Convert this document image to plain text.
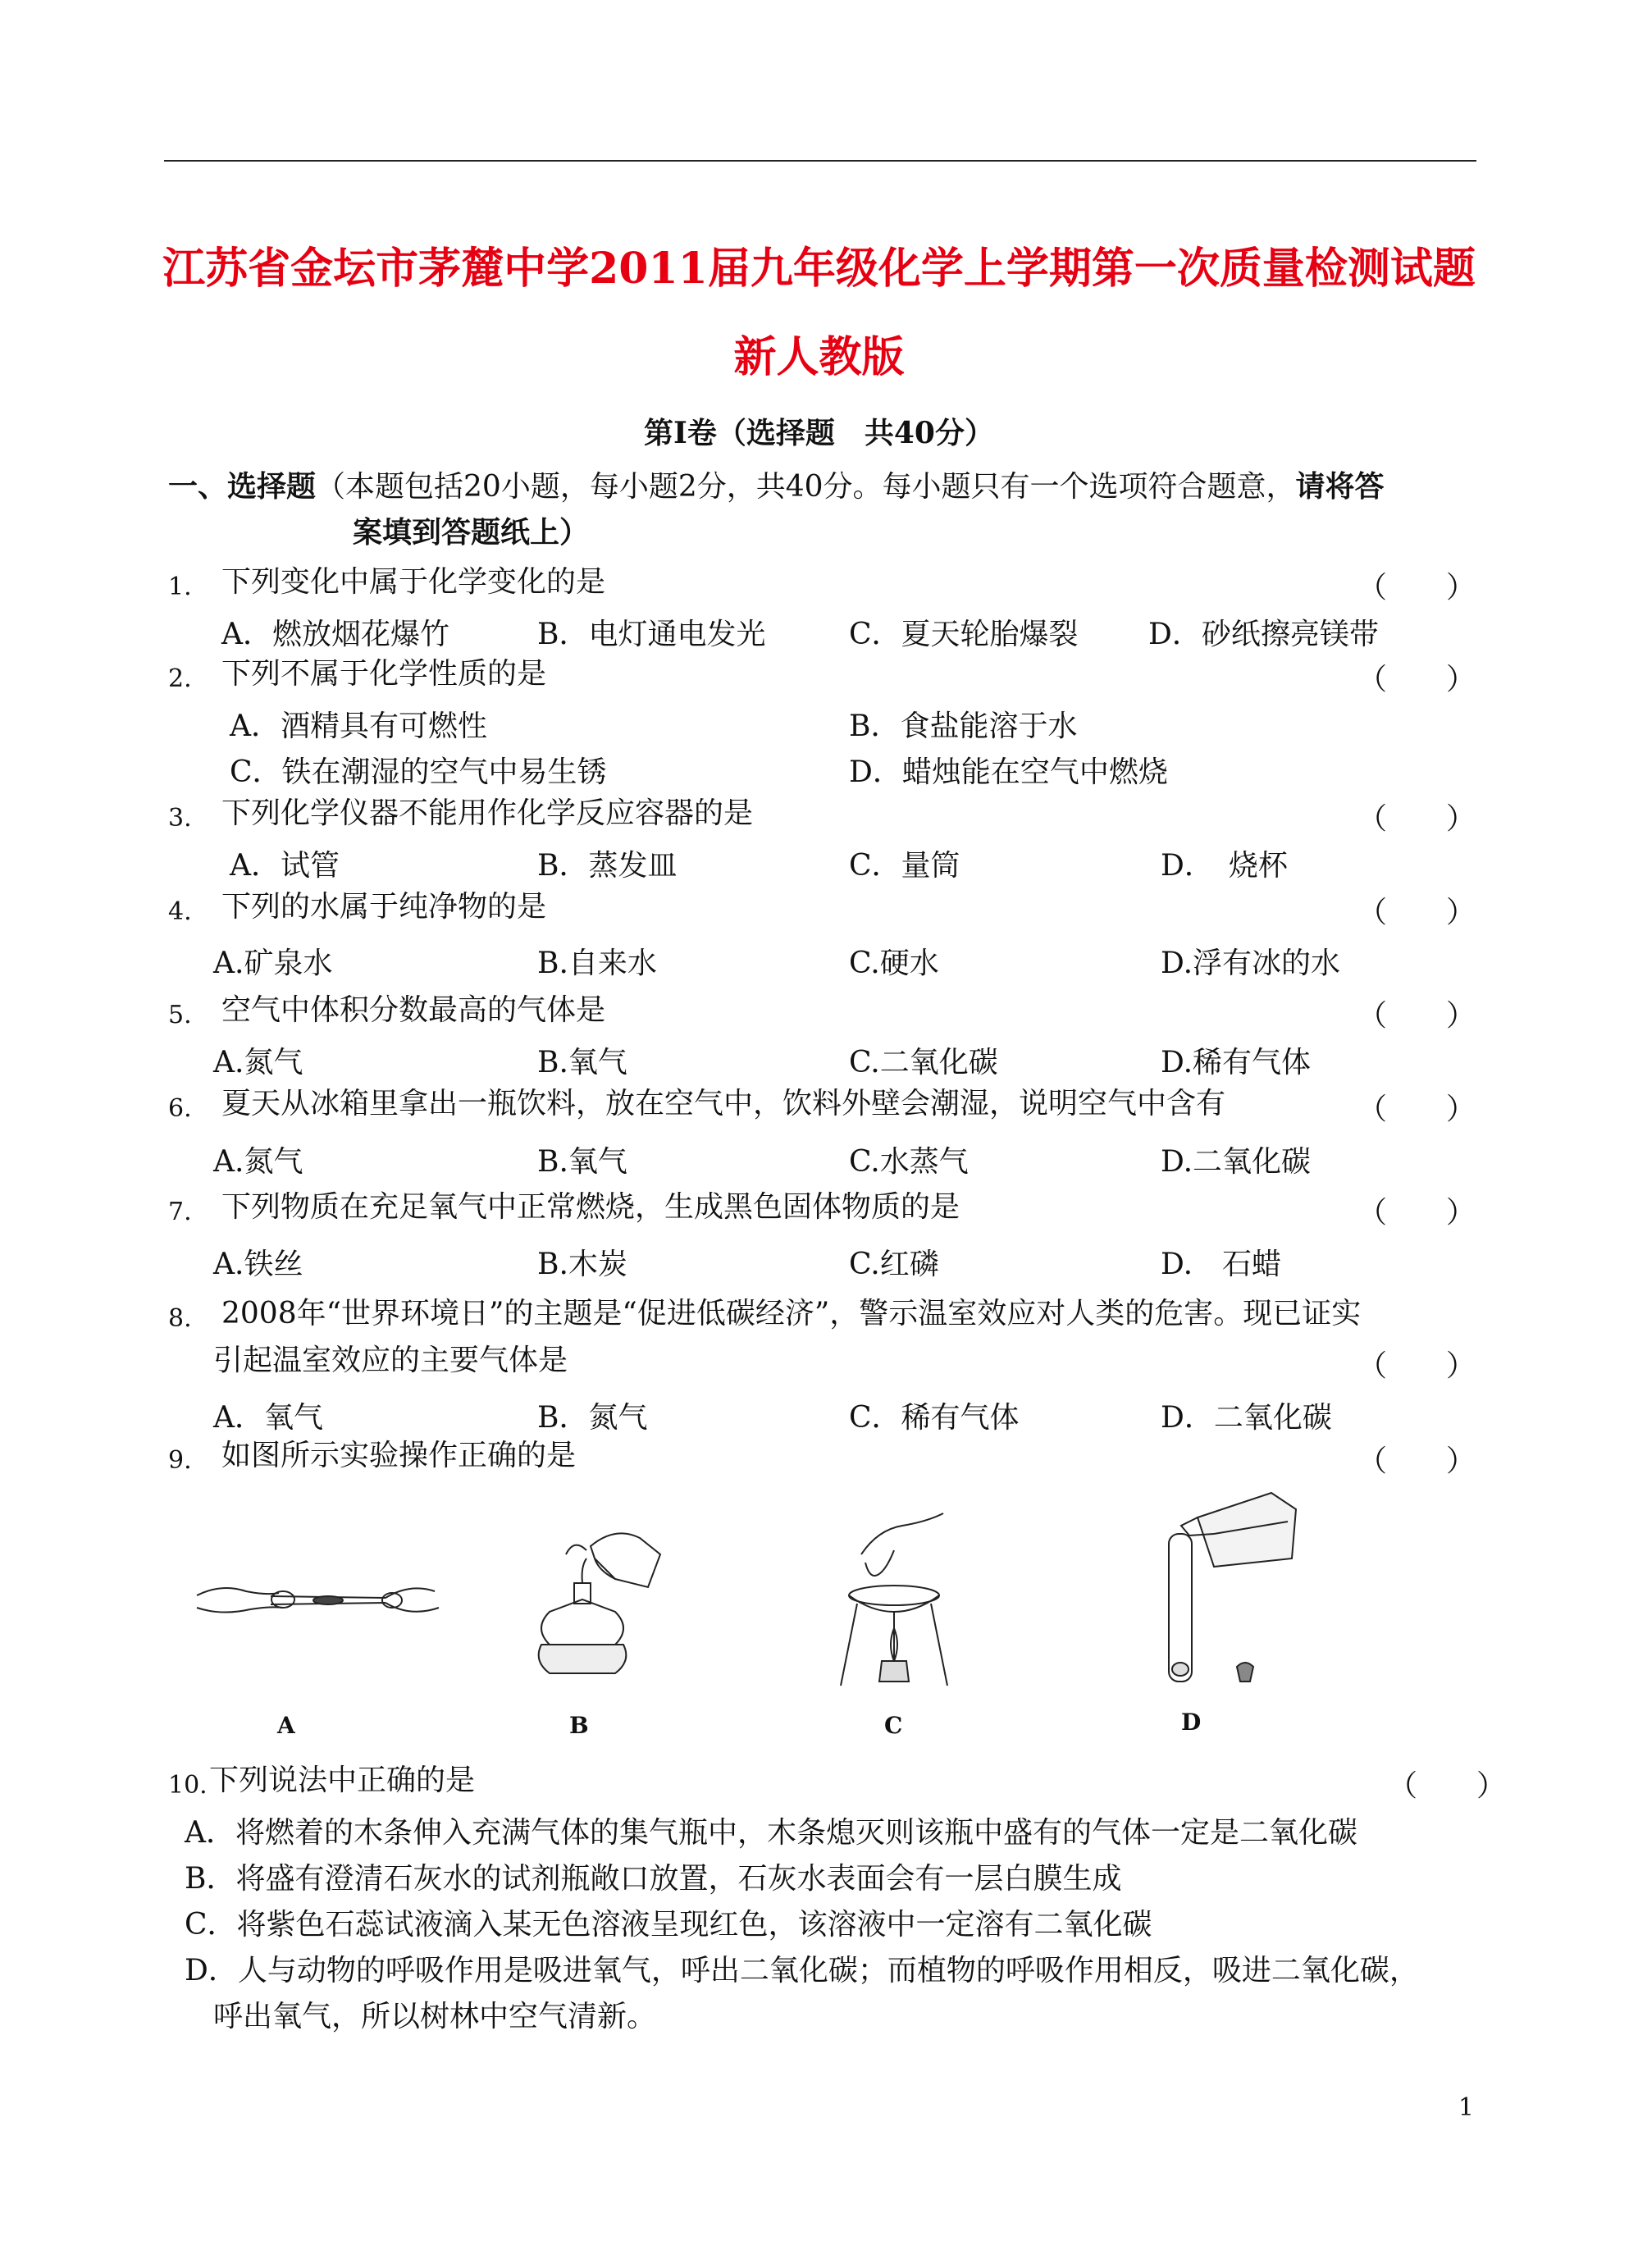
江苏省金坛市茅麓中学2011届九年级化学上学期第一次质量检测试题
新人教版
第Ⅰ卷（选择题　共40分）
一、选择题（本题包括20小题，每小题2分，共40分。每小题只有一个选项符合题意，请将答
案填到答题纸上）
1. 下列变化中属于化学变化的是	（　　）
A．燃放烟花爆竹	B．电灯通电发光	C．夏天轮胎爆裂 D．砂纸擦亮镁带
2. 下列不属于化学性质的是	（　　）
A．酒精具有可燃性	B．食盐能溶于水
C．铁在潮湿的空气中易生锈	D．蜡烛能在空气中燃烧
3. 下列化学仪器不能用作化学反应容器的是	（　　）
A．试管	B．蒸发皿	C．量筒	D．　烧杯
4. 下列的水属于纯净物的是	（　　）
A.矿泉水	B.自来水	C.硬水	D.浮有冰的水
5. 空气中体积分数最高的气体是	（　　）
A.氮气	B.氧气	C.二氧化碳	D.稀有气体
6. 夏天从冰箱里拿出一瓶饮料，放在空气中，饮料外壁会潮湿，说明空气中含有	（　　）
A.氮气	B.氧气	C.水蒸气	D.二氧化碳
7. 下列物质在充足氧气中正常燃烧，生成黑色固体物质的是	（　　）
A.铁丝	B.木炭	C.红磷	D.　石蜡
8. 2008年“世界环境日”的主题是“促进低碳经济”，警示温室效应对人类的危害。现已证实
引起温室效应的主要气体是	（　　）
A．氧气	B．氮气	C．稀有气体	D．二氧化碳
9. 如图所示实验操作正确的是	（　　）
A	B	C	D
10. 下列说法中正确的是	（　　）
A．将燃着的木条伸入充满气体的集气瓶中，木条熄灭则该瓶中盛有的气体一定是二氧化碳
B．将盛有澄清石灰水的试剂瓶敞口放置，石灰水表面会有一层白膜生成
C．将紫色石蕊试液滴入某无色溶液呈现红色，该溶液中一定溶有二氧化碳
D．人与动物的呼吸作用是吸进氧气，呼出二氧化碳；而植物的呼吸作用相反，吸进二氧化碳，
呼出氧气，所以树林中空气清新。
1
